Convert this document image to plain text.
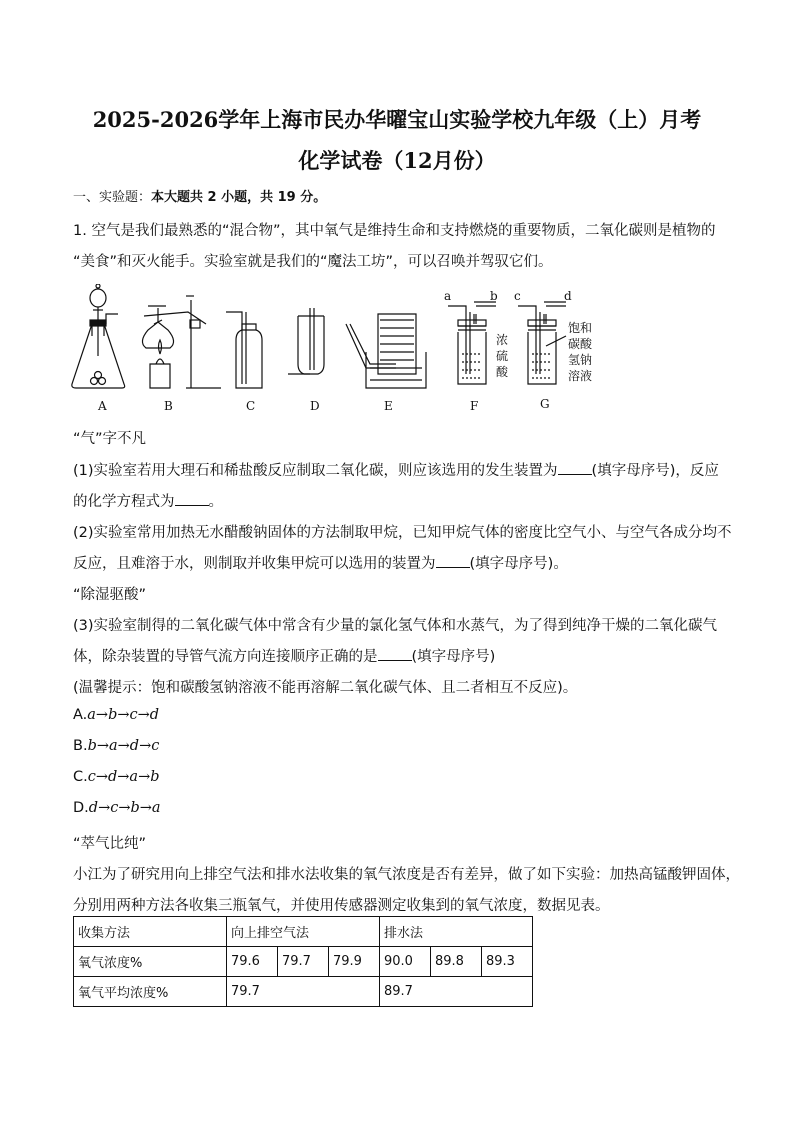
2025-2026学年上海市民办华曜宝山实验学校九年级（上）月考
化学试卷（12月份）
一、实验题：本大题共 2 小题，共 19 分。
1. 空气是我们最熟悉的“混合物”，其中氧气是维持生命和支持燃烧的重要物质，二氧化碳则是植物的
“美食”和灭火能手。实验室就是我们的“魔法工坊”，可以召唤并驾驭它们。
A	B	C	D	E	F	G
a	b c	d
浓
硫
酸
饱和
碳酸
氢钠
溶液
“气”字不凡
(1)实验室若用大理石和稀盐酸反应制取二氧化碳，则应该选用的发生装置为 (填字母序号)，反应
的化学方程式为 。
(2)实验室常用加热无水醋酸钠固体的方法制取甲烷，已知甲烷气体的密度比空气小、与空气各成分均不
反应，且难溶于水，则制取并收集甲烷可以选用的装置为 (填字母序号)。
“除湿驱酸”
(3)实验室制得的二氧化碳气体中常含有少量的氯化氢气体和水蒸气，为了得到纯净干燥的二氧化碳气
体，除杂装置的导管气流方向连接顺序正确的是 (填字母序号)
(温馨提示：饱和碳酸氢钠溶液不能再溶解二氧化碳气体、且二者相互不反应)。
A.a→b→c→d
B.b→a→d→c
C.c→d→a→b
D.d→c→b→a
“萃气比纯”
小江为了研究用向上排空气法和排水法收集的氧气浓度是否有差异，做了如下实验：加热高锰酸钾固体，
分别用两种方法各收集三瓶氧气，并使用传感器测定收集到的氧气浓度，数据见表。
收集方法	向上排空气法			排水法		
氧气浓度%	79.6	79.7	79.9	90.0	89.8	89.3
氧气平均浓度%	79.7			89.7		
